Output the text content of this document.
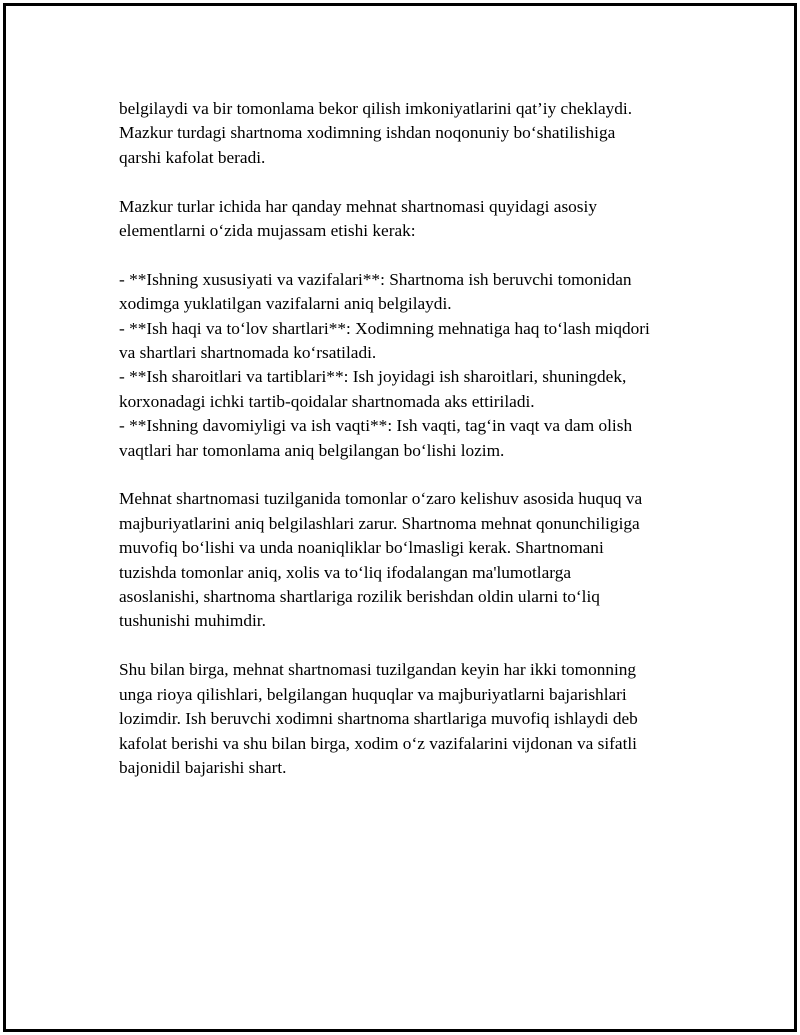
belgilaydi va bir tomonlama bekor qilish imkoniyatlarini qat’iy cheklaydi.
Mazkur turdagi shartnoma xodimning ishdan noqonuniy bo‘shatilishiga
qarshi kafolat beradi.

Mazkur turlar ichida har qanday mehnat shartnomasi quyidagi asosiy
elementlarni o‘zida mujassam etishi kerak:

- **Ishning xususiyati va vazifalari**: Shartnoma ish beruvchi tomonidan
xodimga yuklatilgan vazifalarni aniq belgilaydi.
- **Ish haqi va to‘lov shartlari**: Xodimning mehnatiga haq to‘lash miqdori
va shartlari shartnomada ko‘rsatiladi.
- **Ish sharoitlari va tartiblari**: Ish joyidagi ish sharoitlari, shuningdek,
korxonadagi ichki tartib-qoidalar shartnomada aks ettiriladi.
- **Ishning davomiyligi va ish vaqti**: Ish vaqti, tag‘in vaqt va dam olish
vaqtlari har tomonlama aniq belgilangan bo‘lishi lozim.

Mehnat shartnomasi tuzilganida tomonlar o‘zaro kelishuv asosida huquq va
majburiyatlarini aniq belgilashlari zarur. Shartnoma mehnat qonunchiligiga
muvofiq bo‘lishi va unda noaniqliklar bo‘lmasligi kerak. Shartnomani
tuzishda tomonlar aniq, xolis va to‘liq ifodalangan ma'lumotlarga
asoslanishi, shartnoma shartlariga rozilik berishdan oldin ularni to‘liq
tushunishi muhimdir.

Shu bilan birga, mehnat shartnomasi tuzilgandan keyin har ikki tomonning
unga rioya qilishlari, belgilangan huquqlar va majburiyatlarni bajarishlari
lozimdir. Ish beruvchi xodimni shartnoma shartlariga muvofiq ishlaydi deb
kafolat berishi va shu bilan birga, xodim o‘z vazifalarini vijdonan va sifatli
bajonidil bajarishi shart.
